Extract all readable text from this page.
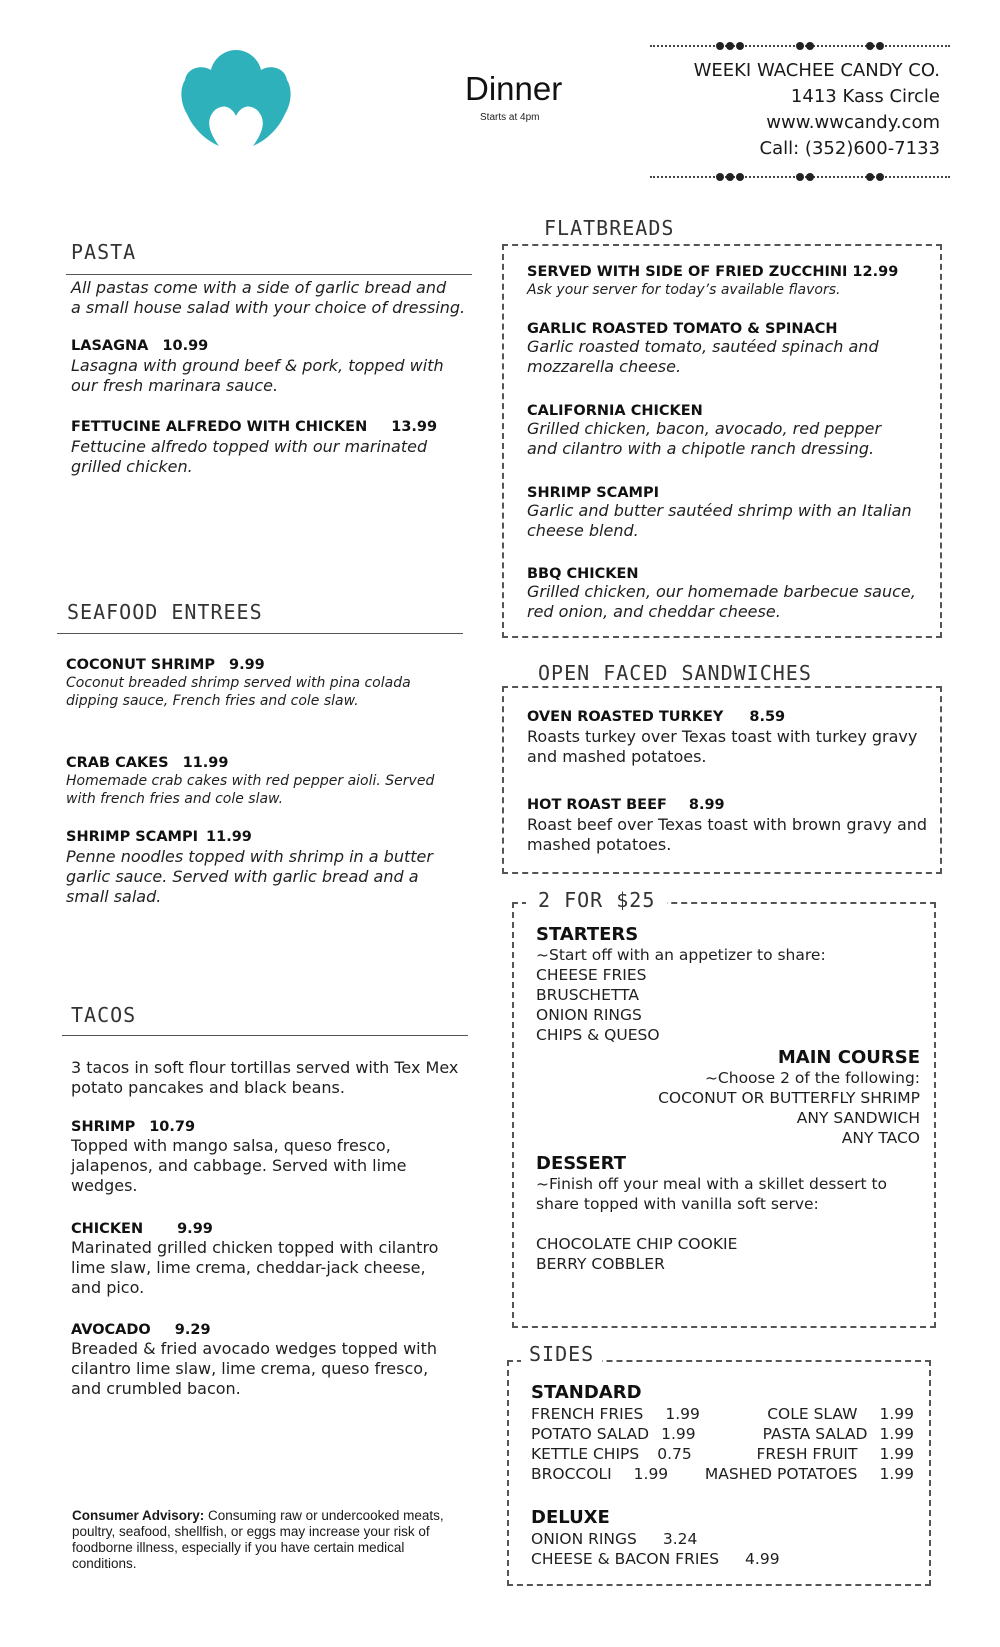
Dinner
Starts at 4pm
WEEKI WACHEE CANDY CO.
1413 Kass Circle
www.wwcandy.com
Call: (352)600-7133
PASTA
All pastas come with a side of garlic bread and
a small house salad with your choice of dressing.
LASAGNA 10.99
Lasagna with ground beef & pork, topped with
our fresh marinara sauce.
FETTUCINE ALFREDO WITH CHICKEN 13.99
Fettucine alfredo topped with our marinated
grilled chicken.
SEAFOOD ENTREES
COCONUT SHRIMP 9.99
Coconut breaded shrimp served with pina colada
dipping sauce, French fries and cole slaw.
CRAB CAKES 11.99
Homemade crab cakes with red pepper aioli. Served
with french fries and cole slaw.
SHRIMP SCAMPI 11.99
Penne noodles topped with shrimp in a butter
garlic sauce. Served with garlic bread and a
small salad.
TACOS
3 tacos in soft flour tortillas served with Tex Mex
potato pancakes and black beans.
SHRIMP 10.79
Topped with mango salsa, queso fresco,
jalapenos, and cabbage. Served with lime
wedges.
CHICKEN 9.99
Marinated grilled chicken topped with cilantro
lime slaw, lime crema, cheddar-jack cheese,
and pico.
AVOCADO 9.29
Breaded & fried avocado wedges topped with
cilantro lime slaw, lime crema, queso fresco,
and crumbled bacon.
Consumer Advisory: Consuming raw or undercooked meats, poultry, seafood, shellfish, or eggs may increase your risk of foodborne illness, especially if you have certain medical conditions.
FLATBREADS
SERVED WITH SIDE OF FRIED ZUCCHINI 12.99
Ask your server for today’s available flavors.
GARLIC ROASTED TOMATO & SPINACH
Garlic roasted tomato, sautéed spinach and
mozzarella cheese.
CALIFORNIA CHICKEN
Grilled chicken, bacon, avocado, red pepper
and cilantro with a chipotle ranch dressing.
SHRIMP SCAMPI
Garlic and butter sautéed shrimp with an Italian
cheese blend.
BBQ CHICKEN
Grilled chicken, our homemade barbecue sauce,
red onion, and cheddar cheese.
OPEN FACED SANDWICHES
OVEN ROASTED TURKEY 8.59
Roasts turkey over Texas toast with turkey gravy
and mashed potatoes.
HOT ROAST BEEF 8.99
Roast beef over Texas toast with brown gravy and
mashed potatoes.
2 FOR $25
STARTERS
~Start off with an appetizer to share:
CHEESE FRIES
BRUSCHETTA
ONION RINGS
CHIPS & QUESO
MAIN COURSE
~Choose 2 of the following:
COCONUT OR BUTTERFLY SHRIMP
ANY SANDWICH
ANY TACO
DESSERT
~Finish off your meal with a skillet dessert to
share topped with vanilla soft serve:
CHOCOLATE CHIP COOKIE
BERRY COBBLER
SIDES
STANDARD
FRENCH FRIES 1.99
POTATO SALAD 1.99
KETTLE CHIPS 0.75
BROCCOLI 1.99
COLE SLAW 1.99
PASTA SALAD 1.99
FRESH FRUIT 1.99
MASHED POTATOES 1.99
DELUXE
ONION RINGS 3.24
CHEESE & BACON FRIES 4.99
